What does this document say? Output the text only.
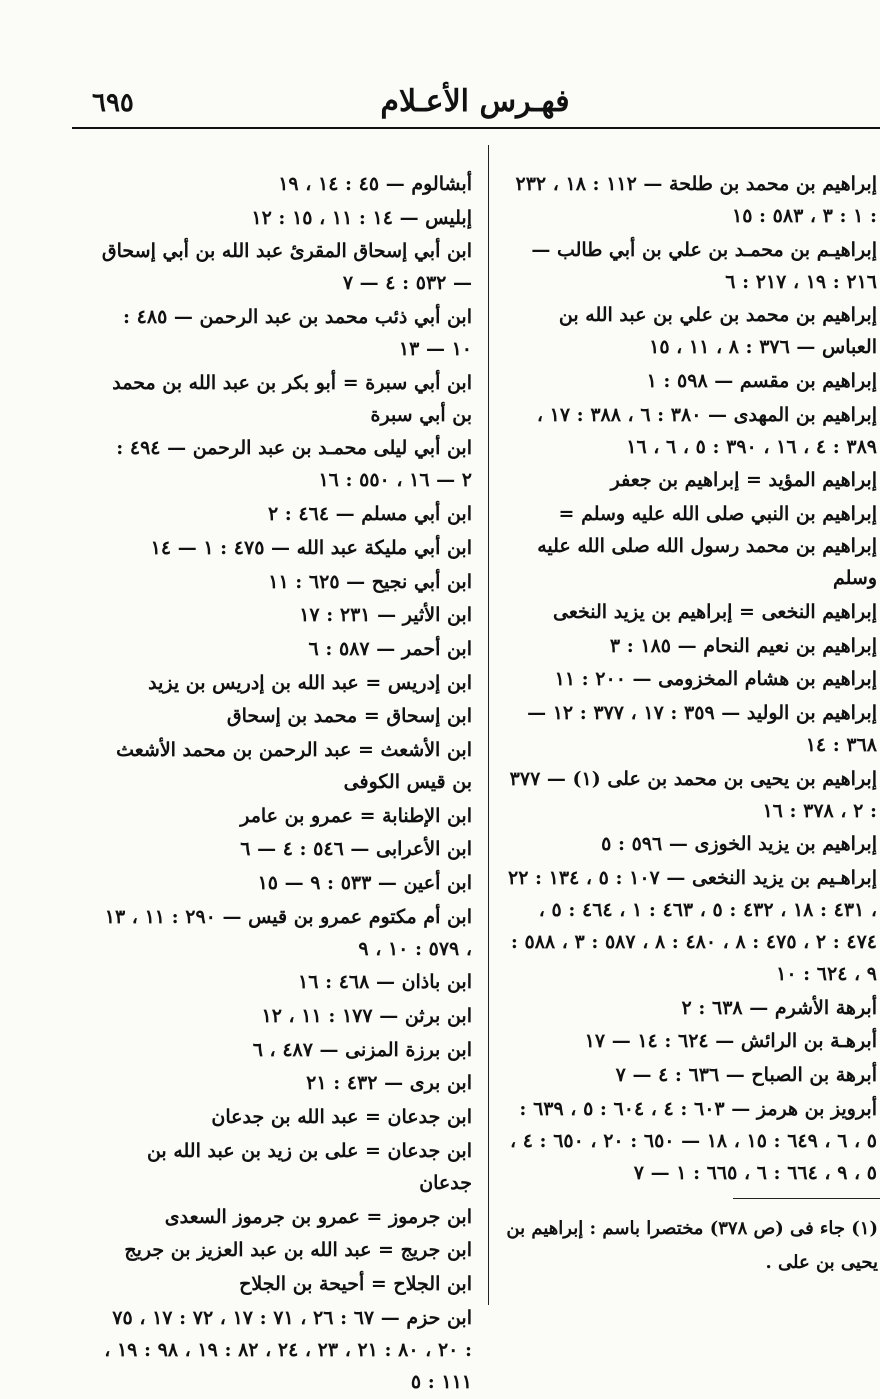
٦٩٥	فهـرس الأعـلام
إبراهيم بن محمد بن طلحة — ١١٢ : ١٨ ، ٢٣٢ : ١ : ٣ ، ٥٨٣ : ١٥
إبراهيـم بن محمـد بن علي بن أبي طالب — ٢١٦ : ١٩ ، ٢١٧ : ٦
إبراهيم بن محمد بن علي بن عبد الله بن العباس — ٣٧٦ : ٨ ، ١١ ، ١٥
إبراهيم بن مقسم — ٥٩٨ : ١
إبراهيم بن المهدى — ٣٨٠ : ٦ ، ٣٨٨ : ١٧ ، ٣٨٩ : ٤ ، ١٦ ، ٣٩٠ : ٥ ، ٦ ، ١٦
إبراهيم المؤيد = إبراهيم بن جعفر
إبراهيم بن النبي صلى الله عليه وسلم = إبراهيم بن محمد رسول الله صلى الله عليه وسلم
إبراهيم النخعى = إبراهيم بن يزيد النخعى
إبراهيم بن نعيم النحام — ١٨٥ : ٣
إبراهيم بن هشام المخزومى — ٢٠٠ : ١١
إبراهيم بن الوليد — ٣٥٩ : ١٧ ، ٣٧٧ : ١٢ — ٣٦٨ : ١٤
إبراهيم بن يحيى بن محمد بن على (١) — ٣٧٧ : ٢ ، ٣٧٨ : ١٦
إبراهيم بن يزيد الخوزى — ٥٩٦ : ٥
إبراهـيم بن يزيد النخعى — ١٠٧ : ٥ ، ١٣٤ : ٢٢ ، ٤٣١ : ١٨ ، ٤٣٢ : ٥ ، ٤٦٣ : ١ ، ٤٦٤ : ٥ ، ٤٧٤ : ٢ ، ٤٧٥ : ٨ ، ٤٨٠ : ٨ ، ٥٨٧ : ٣ ، ٥٨٨ : ٩ ، ٦٢٤ : ١٠
أبرهة الأشرم — ٦٣٨ : ٢
أبرهـة بن الرائش — ٦٢٤ : ١٤ — ١٧
أبرهة بن الصباح — ٦٣٦ : ٤ — ٧
أبرويز بن هرمز — ٦٠٣ : ٤ ، ٦٠٤ : ٥ ، ٦٣٩ : ٥ ، ٦ ، ٦٤٩ : ١٥ ، ١٨ — ٦٥٠ : ٢٠ ، ٦٥٠ : ٤ ، ٥ ، ٩ ، ٦٦٤ : ٦ ، ٦٦٥ : ١ — ٧
أبشالوم — ٤٥ : ١٤ ، ١٩
إبليس — ١٤ : ١١ ، ١٥ : ١٢
ابن أبي إسحاق المقرئ عبد الله بن أبي إسحاق — ٥٣٢ : ٤ — ٧
ابن أبي ذئب محمد بن عبد الرحمن — ٤٨٥ : ١٠ — ١٣
ابن أبي سبرة = أبو بكر بن عبد الله بن محمد بن أبي سبرة
ابن أبي ليلى محمـد بن عبد الرحمن — ٤٩٤ : ٢ — ١٦ ، ٥٥٠ : ١٦
ابن أبي مسلم — ٤٦٤ : ٢
ابن أبي مليكة عبد الله — ٤٧٥ : ١ — ١٤
ابن أبي نجيح — ٦٢٥ : ١١
ابن الأثير — ٢٣١ : ١٧
ابن أحمر — ٥٨٧ : ٦
ابن إدريس = عبد الله بن إدريس بن يزيد
ابن إسحاق = محمد بن إسحاق
ابن الأشعث = عبد الرحمن بن محمد الأشعث بن قيس الكوفى
ابن الإطنابة = عمرو بن عامر
ابن الأعرابى — ٥٤٦ : ٤ — ٦
ابن أعين — ٥٣٣ : ٩ — ١٥
ابن أم مكتوم عمرو بن قيس — ٢٩٠ : ١١ ، ١٣ ، ٥٧٩ : ١٠ ، ٩
ابن باذان — ٤٦٨ : ١٦
ابن برثن — ١٧٧ : ١١ ، ١٢
ابن برزة المزنى — ٤٨٧ ، ٦
ابن برى — ٤٣٢ : ٢١
ابن جدعان = عبد الله بن جدعان
ابن جدعان = على بن زيد بن عبد الله بن جدعان
ابن جرموز = عمرو بن جرموز السعدى
ابن جريج = عبد الله بن عبد العزيز بن جريج
ابن الجلاح = أحيحة بن الجلاح
ابن حزم — ٦٧ : ٢٦ ، ٧١ : ١٧ ، ٧٢ : ١٧ ، ٧٥ : ٢٠ ، ٨٠ : ٢١ ، ٢٣ ، ٢٤ ، ٨٢ : ١٩ ، ٩٨ : ١٩ ، ١١١ : ٥
(١) جاء فى (ص ٣٧٨) مختصرا باسم : إبراهيم بن يحيى بن على .
